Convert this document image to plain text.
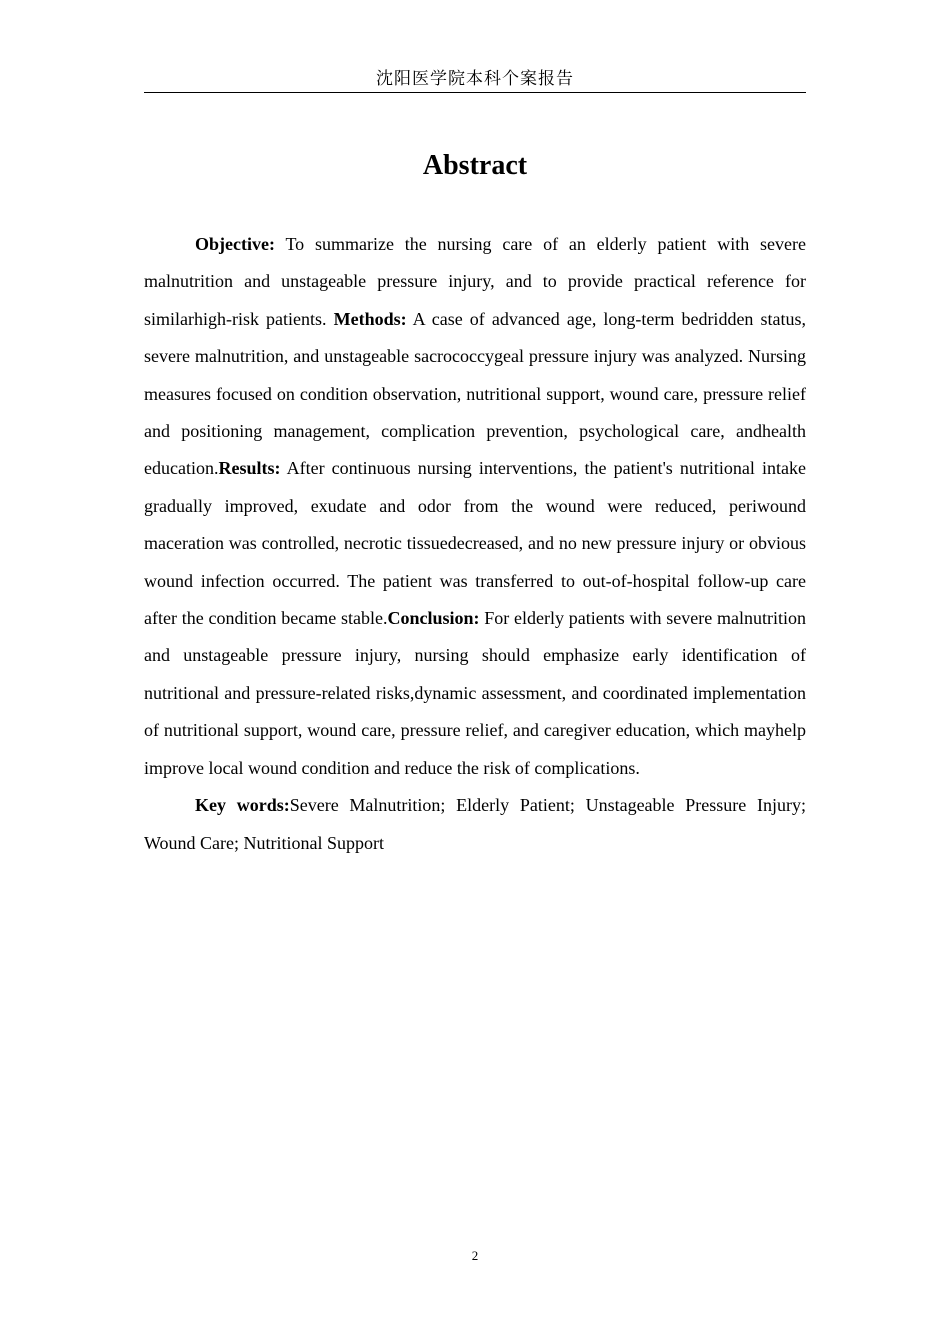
沈阳医学院本科个案报告
Abstract

Objective: To summarize the nursing care of an elderly patient with severe malnutrition and unstageable pressure injury, and to provide practical reference for similarhigh-risk patients. Methods: A case of advanced age, long-term bedridden status, severe malnutrition, and unstageable sacrococcygeal pressure injury was analyzed. Nursing measures focused on condition observation, nutritional support, wound care, pressure relief and positioning management, complication prevention, psychological care, andhealth education.Results: After continuous nursing interventions, the patient's nutritional intake gradually improved, exudate and odor from the wound were reduced, periwound maceration was controlled, necrotic tissuedecreased, and no new pressure injury or obvious wound infection occurred. The patient was transferred to out-of-hospital follow-up care after the condition became stable.Conclusion: For elderly patients with severe malnutrition and unstageable pressure injury, nursing should emphasize early identification of nutritional and pressure-related risks,dynamic assessment, and coordinated implementation of nutritional support, wound care, pressure relief, and caregiver education, which mayhelp improve local wound condition and reduce the risk of complications.

Key words:Severe Malnutrition; Elderly Patient; Unstageable Pressure Injury; Wound Care; Nutritional Support

2
